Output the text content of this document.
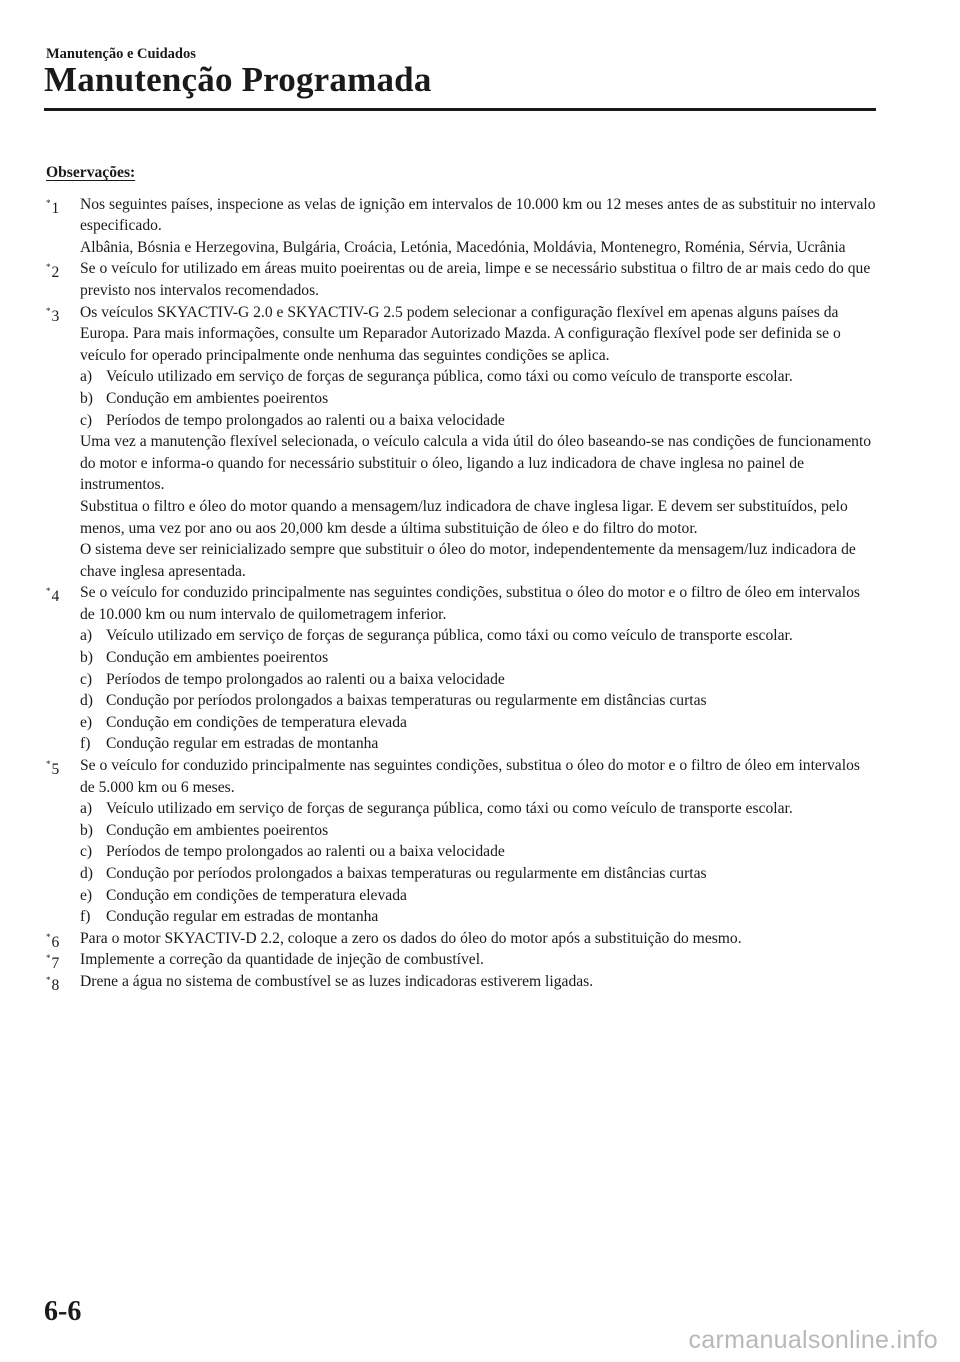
Manutenção e Cuidados
Manutenção Programada
Observações:
*1 Nos seguintes países, inspecione as velas de ignição em intervalos de 10.000 km ou 12 meses antes de as substituir no intervalo especificado.
Albânia, Bósnia e Herzegovina, Bulgária, Croácia, Letónia, Macedónia, Moldávia, Montenegro, Roménia, Sérvia, Ucrânia
*2 Se o veículo for utilizado em áreas muito poeirentas ou de areia, limpe e se necessário substitua o filtro de ar mais cedo do que previsto nos intervalos recomendados.
*3 Os veículos SKYACTIV-G 2.0 e SKYACTIV-G 2.5 podem selecionar a configuração flexível em apenas alguns países da Europa. Para mais informações, consulte um Reparador Autorizado Mazda. A configuração flexível pode ser definida se o veículo for operado principalmente onde nenhuma das seguintes condições se aplica.
a) Veículo utilizado em serviço de forças de segurança pública, como táxi ou como veículo de transporte escolar.
b) Condução em ambientes poeirentos
c) Períodos de tempo prolongados ao ralenti ou a baixa velocidade
Uma vez a manutenção flexível selecionada, o veículo calcula a vida útil do óleo baseando-se nas condições de funcionamento do motor e informa-o quando for necessário substituir o óleo, ligando a luz indicadora de chave inglesa no painel de instrumentos.
Substitua o filtro e óleo do motor quando a mensagem/luz indicadora de chave inglesa ligar. E devem ser substituídos, pelo menos, uma vez por ano ou aos 20,000 km desde a última substituição de óleo e do filtro do motor.
O sistema deve ser reinicializado sempre que substituir o óleo do motor, independentemente da mensagem/luz indicadora de chave inglesa apresentada.
*4 Se o veículo for conduzido principalmente nas seguintes condições, substitua o óleo do motor e o filtro de óleo em intervalos de 10.000 km ou num intervalo de quilometragem inferior.
a) Veículo utilizado em serviço de forças de segurança pública, como táxi ou como veículo de transporte escolar.
b) Condução em ambientes poeirentos
c) Períodos de tempo prolongados ao ralenti ou a baixa velocidade
d) Condução por períodos prolongados a baixas temperaturas ou regularmente em distâncias curtas
e) Condução em condições de temperatura elevada
f) Condução regular em estradas de montanha
*5 Se o veículo for conduzido principalmente nas seguintes condições, substitua o óleo do motor e o filtro de óleo em intervalos de 5.000 km ou 6 meses.
a) Veículo utilizado em serviço de forças de segurança pública, como táxi ou como veículo de transporte escolar.
b) Condução em ambientes poeirentos
c) Períodos de tempo prolongados ao ralenti ou a baixa velocidade
d) Condução por períodos prolongados a baixas temperaturas ou regularmente em distâncias curtas
e) Condução em condições de temperatura elevada
f) Condução regular em estradas de montanha
*6 Para o motor SKYACTIV-D 2.2, coloque a zero os dados do óleo do motor após a substituição do mesmo.
*7 Implemente a correção da quantidade de injeção de combustível.
*8 Drene a água no sistema de combustível se as luzes indicadoras estiverem ligadas.
6-6
carmanualsonline.info
